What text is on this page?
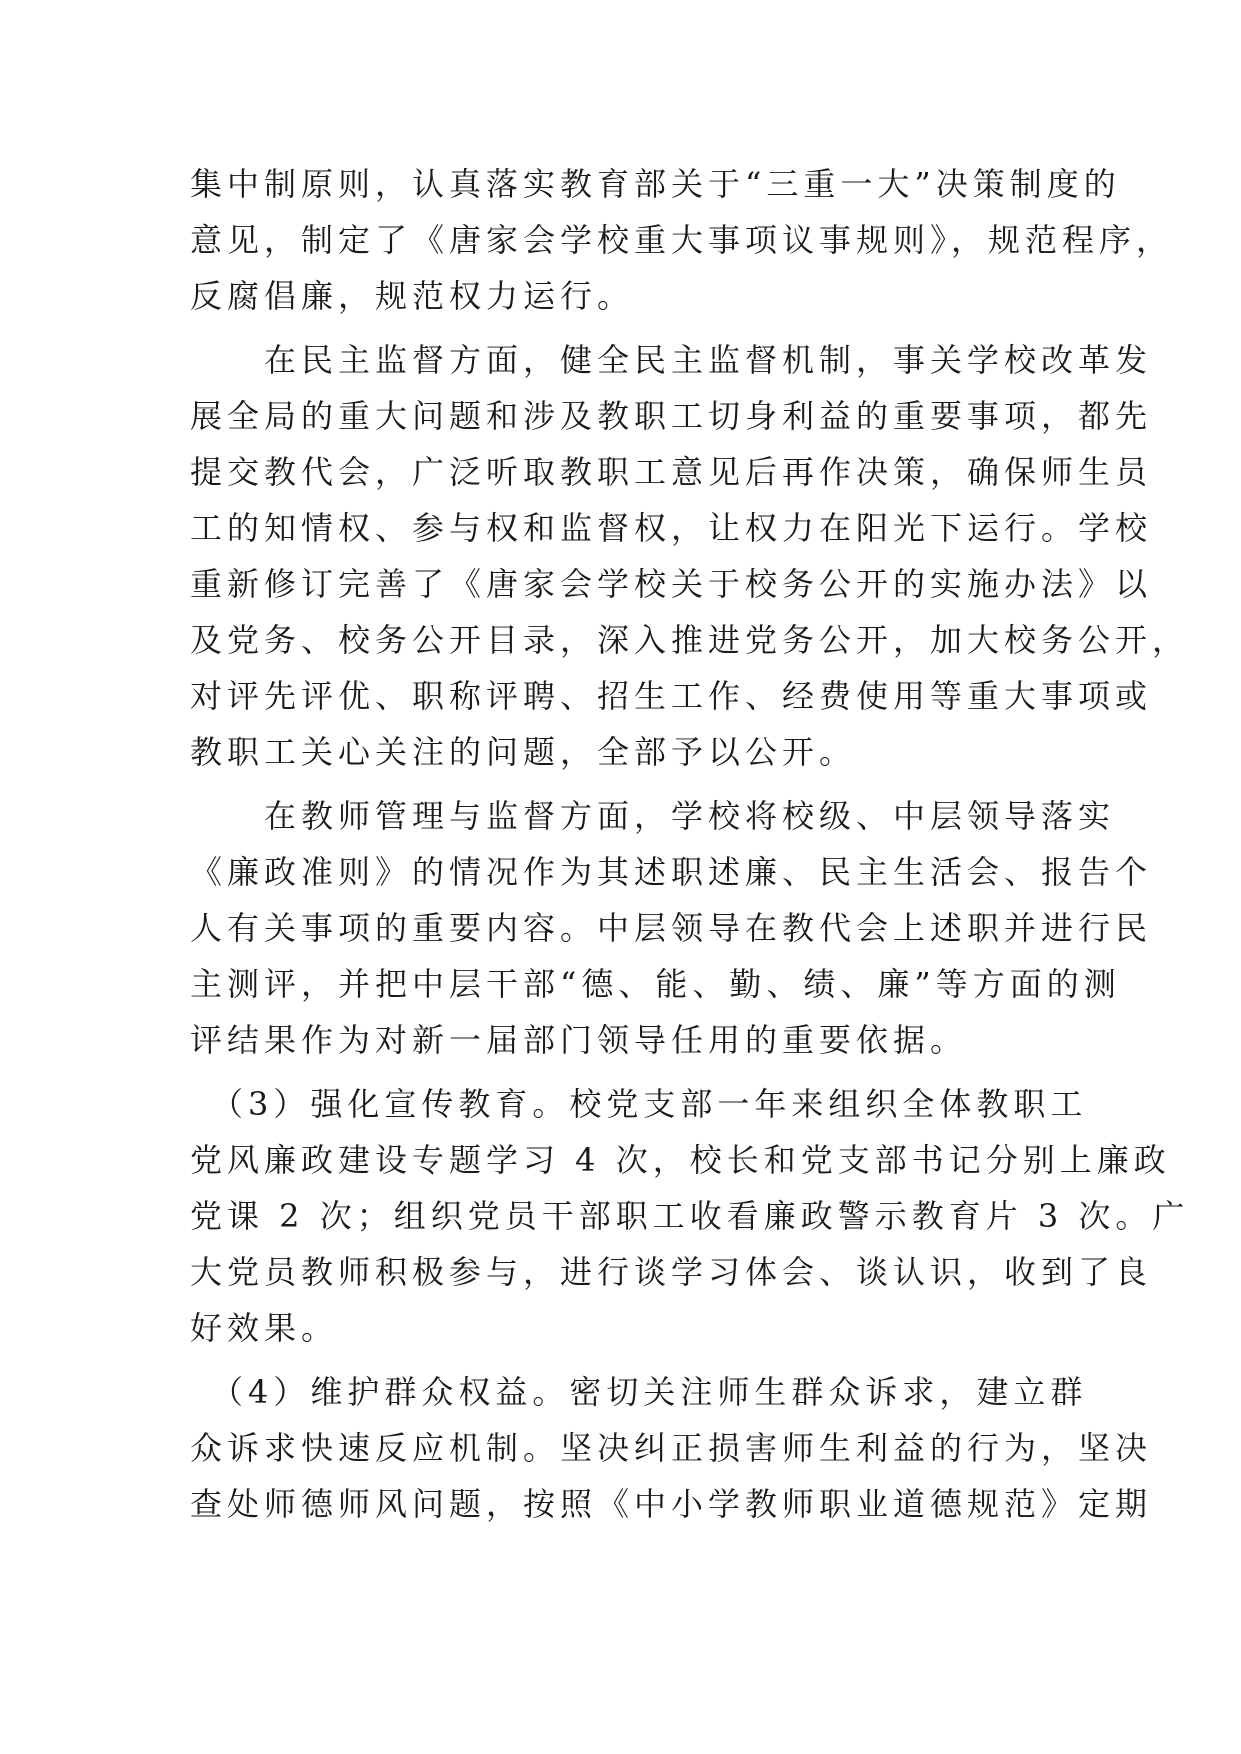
集中制原则，认真落实教育部关于“三重一大”决策制度的
意见，制定了《唐家会学校重大事项议事规则》，规范程序，
反腐倡廉，规范权力运行。
　　在民主监督方面，健全民主监督机制，事关学校改革发
展全局的重大问题和涉及教职工切身利益的重要事项，都先
提交教代会，广泛听取教职工意见后再作决策，确保师生员
工的知情权、参与权和监督权，让权力在阳光下运行。学校
重新修订完善了《唐家会学校关于校务公开的实施办法》以
及党务、校务公开目录，深入推进党务公开，加大校务公开，
对评先评优、职称评聘、招生工作、经费使用等重大事项或
教职工关心关注的问题，全部予以公开。
　　在教师管理与监督方面，学校将校级、中层领导落实
《廉政准则》的情况作为其述职述廉、民主生活会、报告个
人有关事项的重要内容。中层领导在教代会上述职并进行民
主测评，并把中层干部“德、能、勤、绩、廉”等方面的测
评结果作为对新一届部门领导任用的重要依据。
　（3）强化宣传教育。校党支部一年来组织全体教职工
党风廉政建设专题学习 4 次，校长和党支部书记分别上廉政
党课 2 次；组织党员干部职工收看廉政警示教育片 3 次。广
大党员教师积极参与，进行谈学习体会、谈认识，收到了良
好效果。
　（4）维护群众权益。密切关注师生群众诉求，建立群
众诉求快速反应机制。坚决纠正损害师生利益的行为，坚决
查处师德师风问题，按照《中小学教师职业道德规范》定期
